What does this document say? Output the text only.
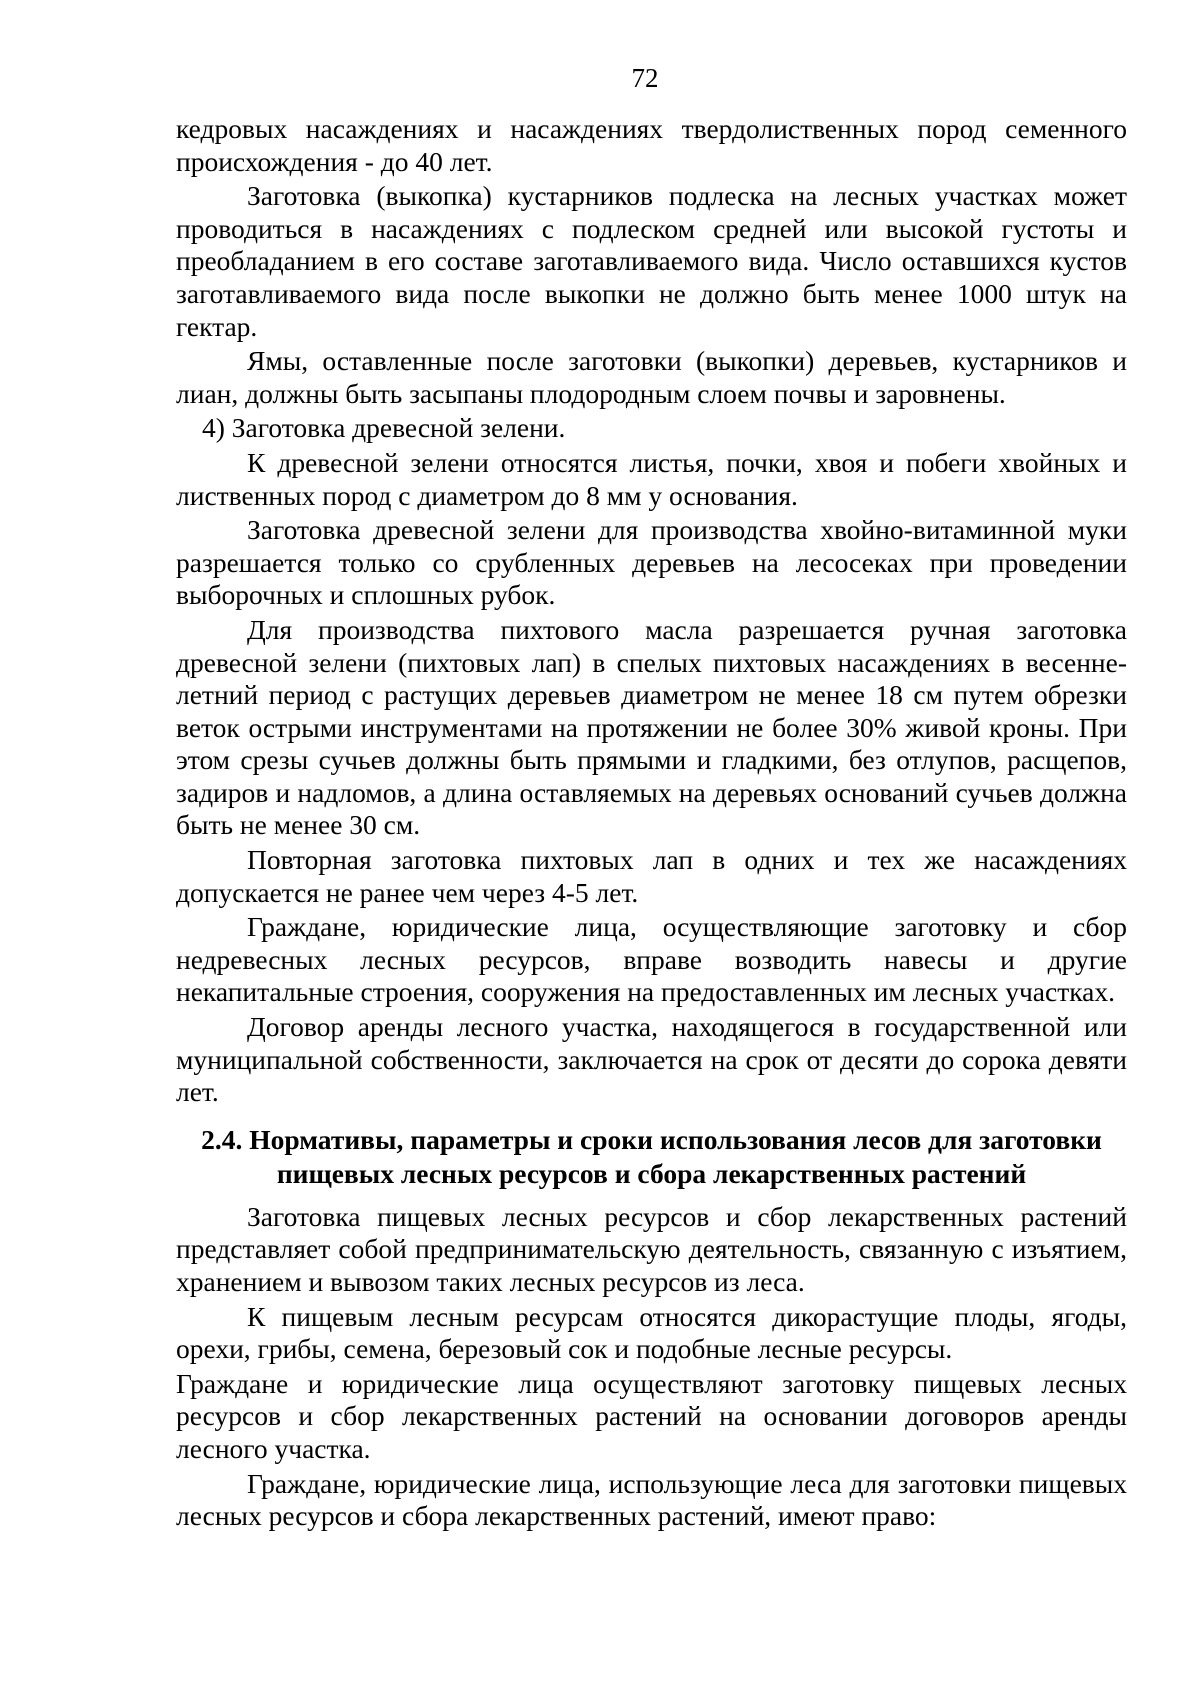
72

кедровых насаждениях и насаждениях твердолиственных пород семенного происхождения - до 40 лет.

Заготовка (выкопка) кустарников подлеска на лесных участках может проводиться в насаждениях с подлеском средней или высокой густоты и преобладанием в его составе заготавливаемого вида. Число оставшихся кустов заготавливаемого вида после выкопки не должно быть менее 1000 штук на гектар.

Ямы, оставленные после заготовки (выкопки) деревьев, кустарников и лиан, должны быть засыпаны плодородным слоем почвы и заровнены.

4) Заготовка древесной зелени.

К древесной зелени относятся листья, почки, хвоя и побеги хвойных и лиственных пород с диаметром до 8 мм у основания.

Заготовка древесной зелени для производства хвойно-витаминной муки разрешается только со срубленных деревьев на лесосеках при проведении выборочных и сплошных рубок.

Для производства пихтового масла разрешается ручная заготовка древесной зелени (пихтовых лап) в спелых пихтовых насаждениях в весенне-летний период с растущих деревьев диаметром не менее 18 см путем обрезки веток острыми инструментами на протяжении не более 30% живой кроны. При этом срезы сучьев должны быть прямыми и гладкими, без отлупов, расщепов, задиров и надломов, а длина оставляемых на деревьях оснований сучьев должна быть не менее 30 см.

Повторная заготовка пихтовых лап в одних и тех же насаждениях допускается не ранее чем через 4-5 лет.

Граждане, юридические лица, осуществляющие заготовку и сбор недревесных лесных ресурсов, вправе возводить навесы и другие некапитальные строения, сооружения на предоставленных им лесных участках.

Договор аренды лесного участка, находящегося в государственной или муниципальной собственности, заключается на срок от десяти до сорока девяти лет.

2.4. Нормативы, параметры и сроки использования лесов для заготовки
пищевых лесных ресурсов и сбора лекарственных растений

Заготовка пищевых лесных ресурсов и сбор лекарственных растений представляет собой предпринимательскую деятельность, связанную с изъятием, хранением и вывозом таких лесных ресурсов из леса.

К пищевым лесным ресурсам относятся дикорастущие плоды, ягоды, орехи, грибы, семена, березовый сок и подобные лесные ресурсы.

Граждане и юридические лица осуществляют заготовку пищевых лесных ресурсов и сбор лекарственных растений на основании договоров аренды лесного участка.

Граждане, юридические лица, использующие леса для заготовки пищевых лесных ресурсов и сбора лекарственных растений, имеют право:
